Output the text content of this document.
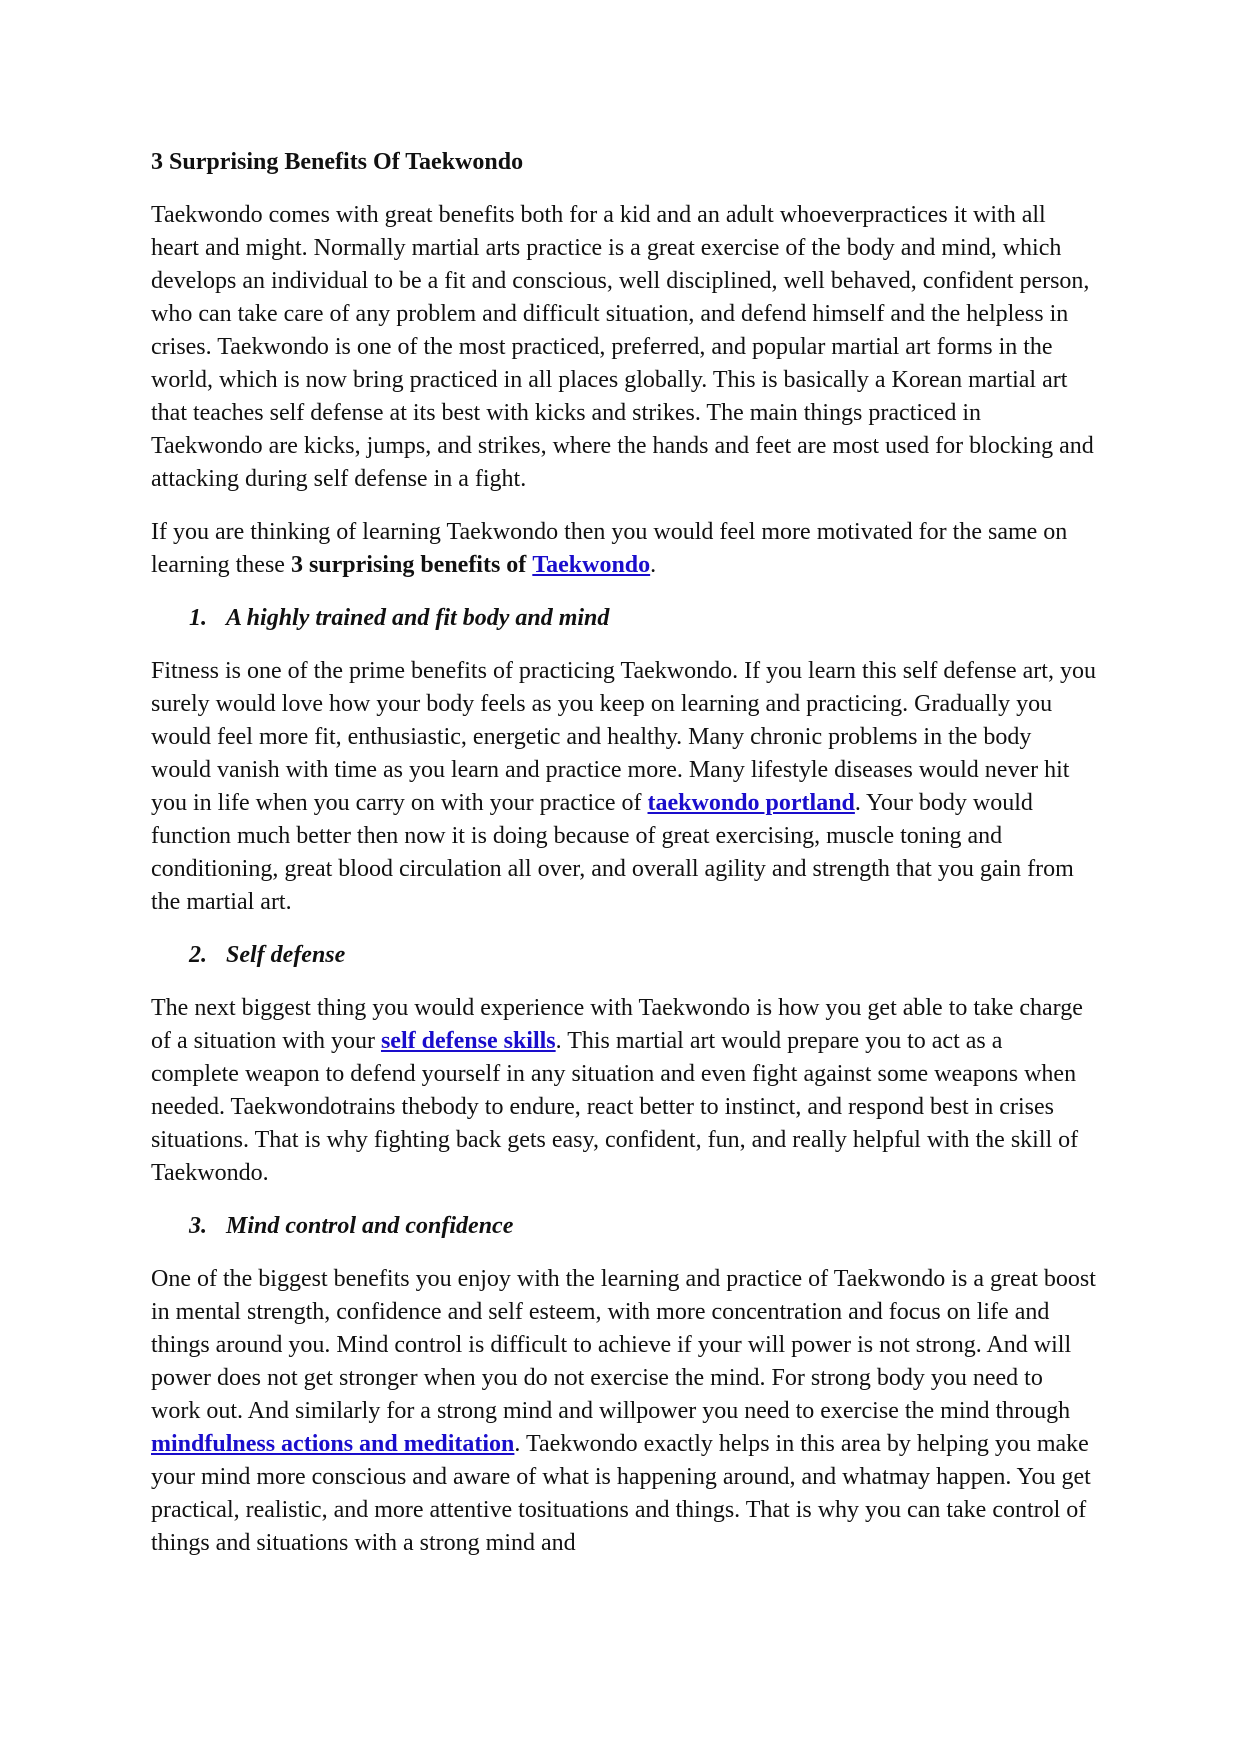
3 Surprising Benefits Of Taekwondo

Taekwondo comes with great benefits both for a kid and an adult whoeverpractices it with all heart and might. Normally martial arts practice is a great exercise of the body and mind, which develops an individual to be a fit and conscious, well disciplined, well behaved, confident person, who can take care of any problem and difficult situation, and defend himself and the helpless in crises. Taekwondo is one of the most practiced, preferred, and popular martial art forms in the world, which is now bring practiced in all places globally. This is basically a Korean martial art that teaches self defense at its best with kicks and strikes. The main things practiced in Taekwondo are kicks, jumps, and strikes, where the hands and feet are most used for blocking and attacking during self defense in a fight.

If you are thinking of learning Taekwondo then you would feel more motivated for the same on learning these 3 surprising benefits of Taekwondo.

1. A highly trained and fit body and mind

Fitness is one of the prime benefits of practicing Taekwondo. If you learn this self defense art, you surely would love how your body feels as you keep on learning and practicing. Gradually you would feel more fit, enthusiastic, energetic and healthy. Many chronic problems in the body would vanish with time as you learn and practice more. Many lifestyle diseases would never hit you in life when you carry on with your practice of taekwondo portland. Your body would function much better then now it is doing because of great exercising, muscle toning and conditioning, great blood circulation all over, and overall agility and strength that you gain from the martial art.

2. Self defense

The next biggest thing you would experience with Taekwondo is how you get able to take charge of a situation with your self defense skills. This martial art would prepare you to act as a complete weapon to defend yourself in any situation and even fight against some weapons when needed. Taekwondotrains thebody to endure, react better to instinct, and respond best in crises situations. That is why fighting back gets easy, confident, fun, and really helpful with the skill of Taekwondo.

3. Mind control and confidence

One of the biggest benefits you enjoy with the learning and practice of Taekwondo is a great boost in mental strength, confidence and self esteem, with more concentration and focus on life and things around you. Mind control is difficult to achieve if your will power is not strong. And will power does not get stronger when you do not exercise the mind. For strong body you need to work out. And similarly for a strong mind and willpower you need to exercise the mind through mindfulness actions and meditation. Taekwondo exactly helps in this area by helping you make your mind more conscious and aware of what is happening around, and whatmay happen. You get practical, realistic, and more attentive tosituations and things. That is why you can take control of things and situations with a strong mind and
